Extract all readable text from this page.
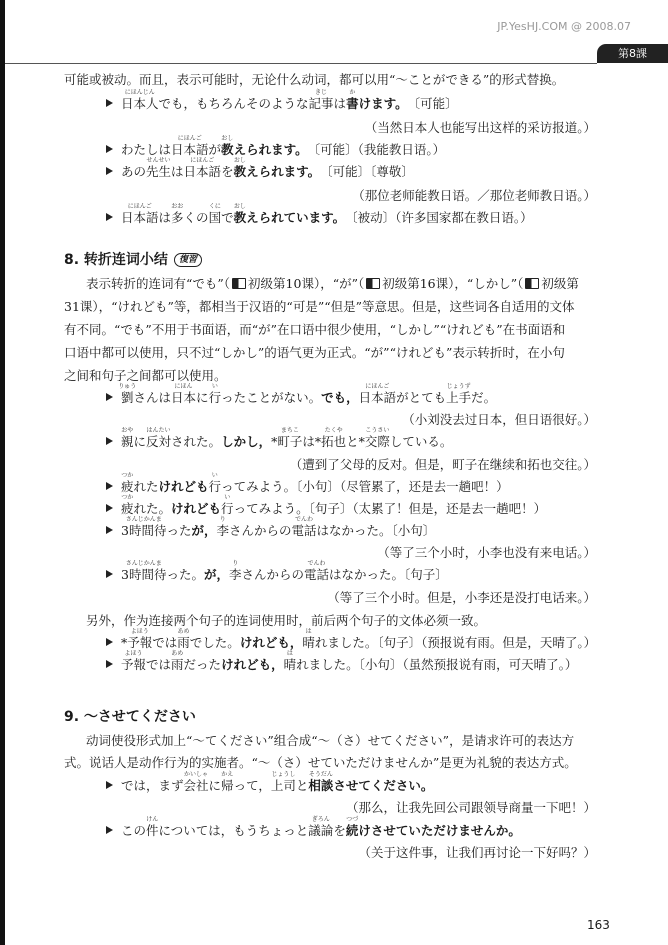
JP.YesHJ.COM @ 2008.07
第8課
可能或被动。而且，表示可能时，无论什么动词，都可以用“～ことができる”的形式替换。
日本人
にほんじん
でも，もちろんそのような記事
きじ
は書
か
けます。〔可能〕
（当然日本人也能写出这样的采访报道。）
わたしは日本語
にほんご
が教
おし
えられます。〔可能〕（我能教日语。）
あの先生
せんせい
は日本語
にほんご
を教
おし
えられます。〔可能〕〔尊敬〕
（那位老师能教日语。／那位老师教日语。）
日本語
にほんご
は多
おお
くの国
くに
で教
おし
えられています。〔被动〕（许多国家都在教日语。）
8. 转折连词小结 復習
表示转折的连词有“でも”（ 初级第10课），“が”（ 初级第16课），“しかし”（ 初级第
31课），“けれども”等，都相当于汉语的“可是”“但是”等意思。但是，这些词各自适用的文体
有不同。“でも”不用于书面语，而“が”在口语中很少使用，“しかし”“けれども”在书面语和
口语中都可以使用，只不过“しかし”的语气更为正式。“が”“けれども”表示转折时，在小句
之间和句子之间都可以使用。
劉
りゅう
さんは日本
にほん
に行
い
ったことがない。でも，日本語
にほんご
がとても上手
じょうず
だ。
（小刘没去过日本，但日语很好。）
親
おや
に反対
はんたい
された。しかし，*町子
まちこ
は*拓也
たくや
と*交際
こうさい
している。
（遭到了父母的反对。但是，町子在继续和拓也交往。）
疲
つか
れたけれども行
い
ってみよう。〔小句〕（尽管累了，还是去一趟吧！）
疲
つか
れた。けれども行
い
ってみよう。〔句子〕（太累了！但是，还是去一趟吧！）
3時間待
さんじかんま
ったが，李
り
さんからの電話
でんわ
はなかった。〔小句〕
（等了三个小时，小李也没有来电话。）
3時間待
さんじかんま
った。が，李
り
さんからの電話
でんわ
はなかった。〔句子〕
（等了三个小时。但是，小李还是没打电话来。）
另外，作为连接两个句子的连词使用时，前后两个句子的文体必须一致。
*予報
よほう
では雨
あめ
でした。けれども，晴
は
れました。〔句子〕（预报说有雨。但是，天晴了。）
予報
よほう
では雨
あめ
だったけれども，晴
は
れました。〔小句〕（虽然预报说有雨，可天晴了。）
9. ～させてください
动词使役形式加上“～てください”组合成“～（さ）せてください”，是请求许可的表达方
式。说话人是动作行为的实施者。“～（さ）せていただけませんか”是更为礼貌的表达方式。
では，まず会社
かいしゃ
に帰
かえ
って，上司
じょうし
と相談
そうだん
させてください。
（那么，让我先回公司跟领导商量一下吧！）
この件
けん
については，もうちょっと議論
ぎろん
を続
つづ
けさせていただけませんか。
（关于这件事，让我们再讨论一下好吗？）
163
